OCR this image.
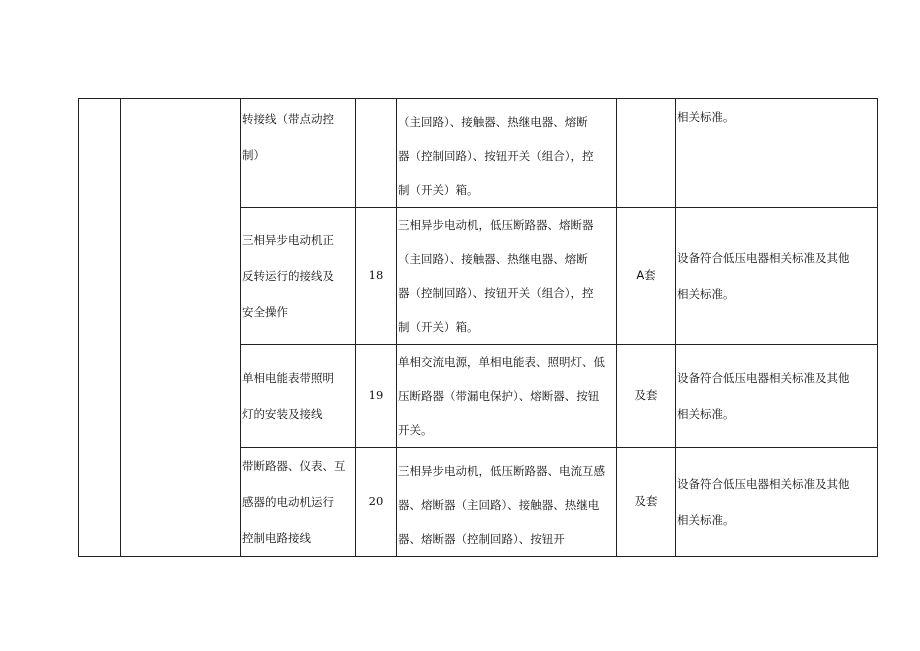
		转接线（带点动控
制）		（主回路）、接触器、热继电器、熔断
器（控制回路）、按钮开关（组合），控
制（开关）箱。		相关标准。

		三相异步电动机正
反转运行的接线及
安全操作	18	三相异步电动机，低压断路器、熔断器
（主回路）、接触器、热继电器、熔断
器（控制回路）、按钮开关（组合），控
制（开关）箱。	A套	设备符合低压电器相关标准及其他
相关标准。

		单相电能表带照明
灯的安装及接线	19	单相交流电源，单相电能表、照明灯、低
压断路器（带漏电保护）、熔断器、按钮
开关。	及套	设备符合低压电器相关标准及其他
相关标准。

		带断路器、仪表、互
感器的电动机运行
控制电路接线	20	三相异步电动机，低压断路器、电流互感
器、熔断器（主回路）、接触器、热继电
器、熔断器（控制回路）、按钮开	及套	设备符合低压电器相关标准及其他
相关标准。
